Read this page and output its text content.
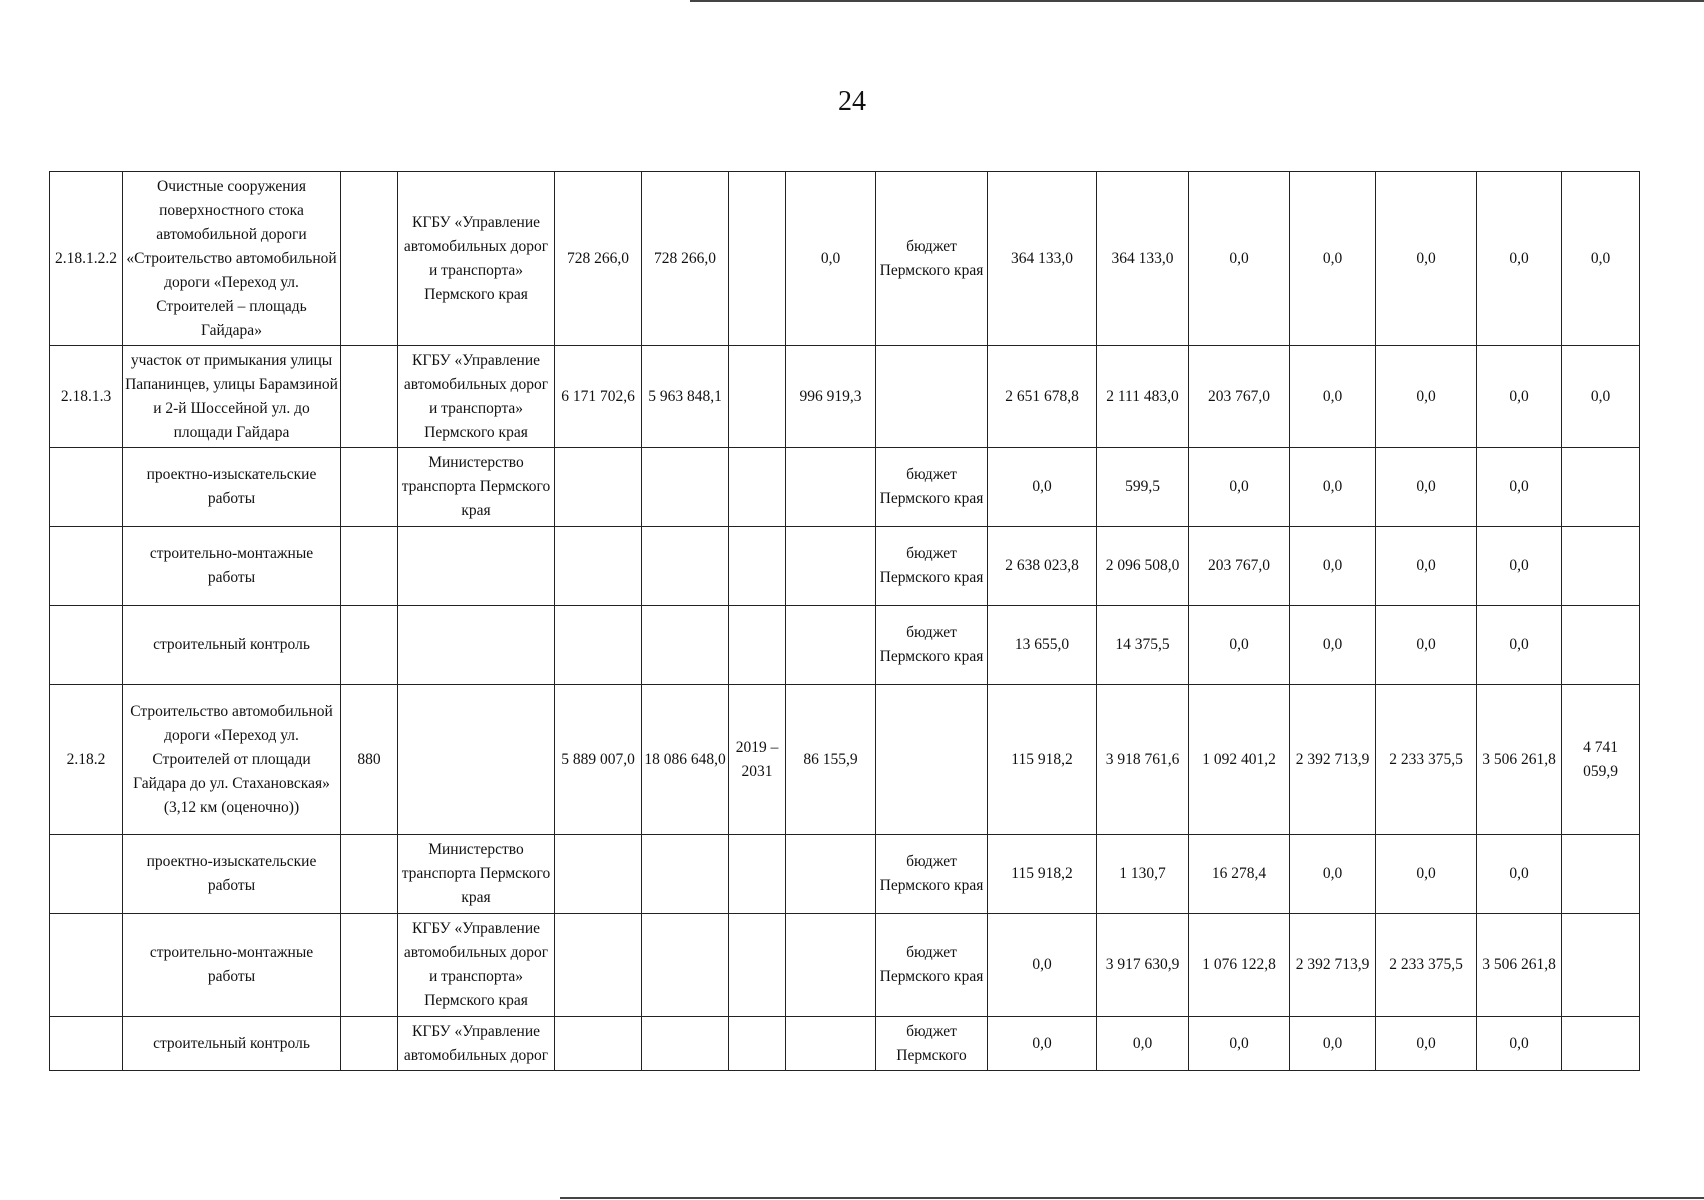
24
2.18.1.2.2	Очистные сооружения поверхностного стока автомобильной дороги «Строительство автомобильной дороги «Переход ул. Строителей – площадь Гайдара»		КГБУ «Управление автомобильных дорог и транспорта» Пермского края	728 266,0	728 266,0		0,0	бюджет Пермского края	364 133,0	364 133,0	0,0	0,0	0,0	0,0	0,0
2.18.1.3	участок от примыкания улицы Папанинцев, улицы Барамзиной и 2-й Шоссейной ул. до площади Гайдара		КГБУ «Управление автомобильных дорог и транспорта» Пермского края	6 171 702,6	5 963 848,1		996 919,3		2 651 678,8	2 111 483,0	203 767,0	0,0	0,0	0,0	0,0
	проектно-изыскательские работы		Министерство транспорта Пермского края					бюджет Пермского края	0,0	599,5	0,0	0,0	0,0	0,0	
	строительно-монтажные работы							бюджет Пермского края	2 638 023,8	2 096 508,0	203 767,0	0,0	0,0	0,0	
	строительный контроль							бюджет Пермского края	13 655,0	14 375,5	0,0	0,0	0,0	0,0	
2.18.2	Строительство автомобильной дороги «Переход ул. Строителей от площади Гайдара до ул. Стахановская» (3,12 км (оценочно))	880		5 889 007,0	18 086 648,0	2019 – 2031	86 155,9		115 918,2	3 918 761,6	1 092 401,2	2 392 713,9	2 233 375,5	3 506 261,8	4 741 059,9
	проектно-изыскательские работы		Министерство транспорта Пермского края					бюджет Пермского края	115 918,2	1 130,7	16 278,4	0,0	0,0	0,0	
	строительно-монтажные работы		КГБУ «Управление автомобильных дорог и транспорта» Пермского края					бюджет Пермского края	0,0	3 917 630,9	1 076 122,8	2 392 713,9	2 233 375,5	3 506 261,8	
	строительный контроль		КГБУ «Управление автомобильных дорог					бюджет Пермского	0,0	0,0	0,0	0,0	0,0	0,0	
